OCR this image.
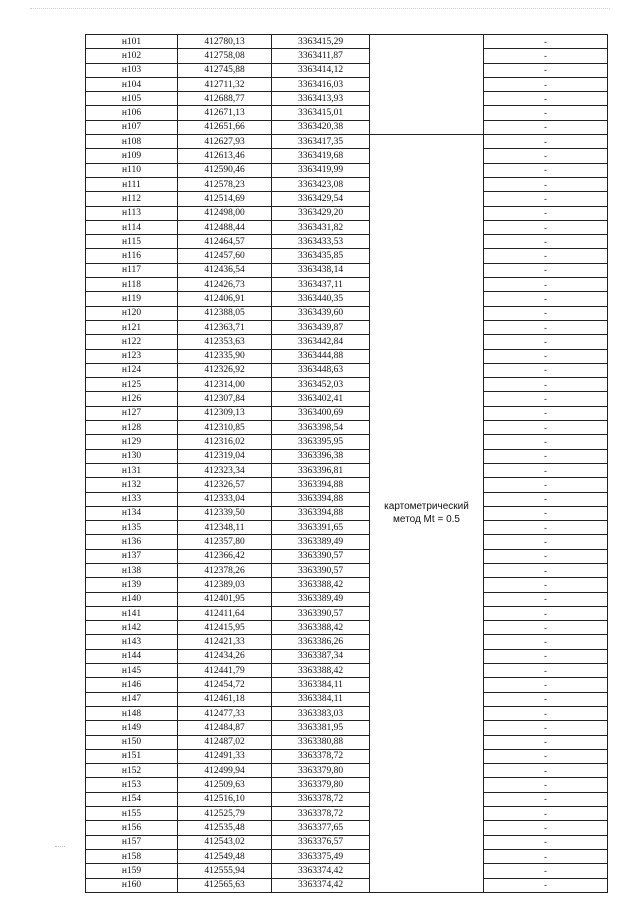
н101	412780,13	3363415,29		-
н102	412758,08	3363411,87		-
н103	412745,88	3363414,12		-
н104	412711,32	3363416,03		-
н105	412688,77	3363413,93		-
н106	412671,13	3363415,01		-
н107	412651,66	3363420,38		-
н108	412627,93	3363417,35	картометрический метод Mt = 0.5	-
н109	412613,46	3363419,68		-
н110	412590,46	3363419,99		-
н111	412578,23	3363423,08		-
н112	412514,69	3363429,54		-
н113	412498,00	3363429,20		-
н114	412488,44	3363431,82		-
н115	412464,57	3363433,53		-
н116	412457,60	3363435,85		-
н117	412436,54	3363438,14		-
н118	412426,73	3363437,11		-
н119	412406,91	3363440,35		-
н120	412388,05	3363439,60		-
н121	412363,71	3363439,87		-
н122	412353,63	3363442,84		-
н123	412335,90	3363444,88		-
н124	412326,92	3363448,63		-
н125	412314,00	3363452,03		-
н126	412307,84	3363402,41		-
н127	412309,13	3363400,69		-
н128	412310,85	3363398,54		-
н129	412316,02	3363395,95		-
н130	412319,04	3363396,38		-
н131	412323,34	3363396,81		-
н132	412326,57	3363394,88		-
н133	412333,04	3363394,88		-
н134	412339,50	3363394,88		-
н135	412348,11	3363391,65		-
н136	412357,80	3363389,49		-
н137	412366,42	3363390,57		-
н138	412378,26	3363390,57		-
н139	412389,03	3363388,42		-
н140	412401,95	3363389,49		-
н141	412411,64	3363390,57		-
н142	412415,95	3363388,42		-
н143	412421,33	3363386,26		-
н144	412434,26	3363387,34		-
н145	412441,79	3363388,42		-
н146	412454,72	3363384,11		-
н147	412461,18	3363384,11		-
н148	412477,33	3363383,03		-
н149	412484,87	3363381,95		-
н150	412487,02	3363380,88		-
н151	412491,33	3363378,72		-
н152	412499,94	3363379,80		-
н153	412509,63	3363379,80		-
н154	412516,10	3363378,72		-
н155	412525,79	3363378,72		-
н156	412535,48	3363377,65		-
н157	412543,02	3363376,57		-
н158	412549,48	3363375,49		-
н159	412555,94	3363374,42		-
н160	412565,63	3363374,42		-
